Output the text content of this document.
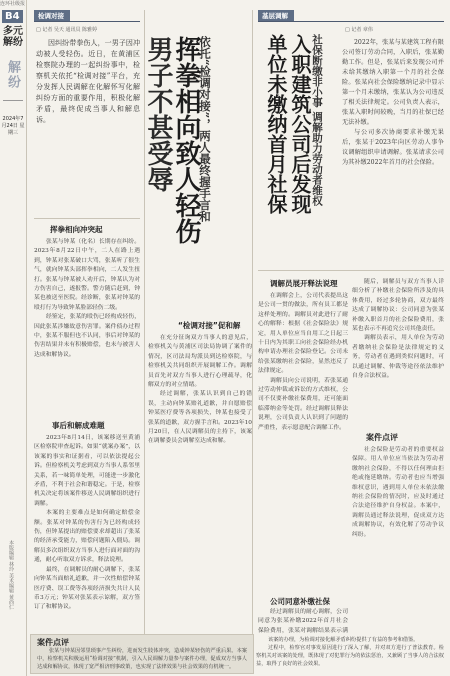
连环社级报
B4
多元解纷
解纷
2024年7月24日 星期三
本版编辑 林玲 美术编辑 黄尚仁
检调对接
□ 记者 吴天 通讯员 陈雅婷

因纠纷带拳伤人，一男子因冲动被人受轻伤。近日，在黄浦区检察院办理的一起纠纷事中，检察机关依托“检调对接”平台，充分发挥人民调解在化解怀写化解纠纷方面的重要作用，积极化解矛盾，最终促成当事人和解息诉。

挥拳相向冲突起

张某与钟某（化名）长期存在纠纷。2023年8月22日中午，二人在路上遇到，钟某对张某破口大骂，张某听了很生气，就向钟某头部挥拳相向，二人发生扭打。张某与钟某被人劝开后，钟某认为对方伤害自己，遂报警。警方随后赶到，钟某也被送至医院。经诊断，张某对钟某的殴打行为导致钟某脸部轻伤二级。

经鉴定，张某的殴伤已经构成轻伤，因此张某涉嫌故意伤害罪。案件侦办过程中，张某不服但也不认同，事后对钟某的伤害结果并未有积极赔偿，也未与被害人达成和解协议。

事后和解成难题

2023年8月14日，该案移送至黄浦区检察院审查起诉。如果“就案办案”，以该案的事实和证据看，可以依法提起公诉。但检察机关考虑到双方当事人系邻里关系，若一味简单处理，可能进一步激化矛盾，不利于社会和谐稳定。于是，检察机关决定将该案件移送人民调解组织进行调解。

本案的主要难点是如何确定赔偿金额。张某对钟某的伤害行为已经构成轻伤，但钟某提出的赔偿要求却超出了张某的经济承受能力，赔偿问题陷入僵局。调解员多次组织双方当事人进行面对面的沟通，耐心听取双方诉求，释法说理。

最终，在调解员的耐心调解下，张某向钟某当面赔礼道歉，并一次性赔偿钟某医疗费、误工费等各项经济损失共计人民币3万元；钟某对张某表示谅解，双方签订了和解协议。

依托“检调对接”，两人最终握手言和
挥拳相向致人轻伤
男子不甚受辱
“检调对接”促和解

在充分征询双方当事人的意见后，检察机关与黄浦区司法局协调了案件的情况，区司法局均派员到达检察院，与检察机关共同组织开展调解工作。调解员首先对双方当事人进行心理疏导，化解双方的对立情绪。

经过调解，张某认识到自己的错误，主动向钟某赔礼道歉，并自愿赔偿钟某医疗费等各项损失，钟某也接受了张某的道歉，双方握手言和。2023年10月20日，在人民调解员的主持下，该案在调解委员会调解室达成和解。

基层调解
□ 记者 章伟
社保断缴非小事 调解助力劳动者维权
入职建筑公司后发现
单位未缴纳首月社保	2022年，张某与某建筑工程有限公司签订劳动合同，入职后，张某勤勤工作。但是，张某后来发现公司并未给其缴纳入职第一个月的社会保险。张某向社会保险缴纳记录中显示第一个月未缴纳，张某认为公司违反了相关法律规定。公司负责人表示，张某入职时间较晚，当月的社保已经无法补缴。

与公司多次协商要求补缴无果后，张某于2023年向区劳动人事争议调解组织申请调解。张某请求公司为其补缴2022年首月的社会保险。

调解员展开释法说理

在调解会上，公司代表提出这是公司一贯的做法，所有员工都是这样处理的。调解员对此进行了耐心的解释：根据《社会保险法》规定，用人单位应当自用工之日起三十日内为其职工向社会保险经办机构申请办理社会保险登记。公司未给张某缴纳社会保险，显然违反了法律规定。

调解员向公司说明，若张某通过劳动仲裁或诉讼的方式维权，公司不仅要补缴社保费用，还可能面临滞纳金等处罚。经过调解员释法说理，公司负责人认识到了问题的严重性，表示愿意配合调解工作。

公司同意补缴社保

经过调解员的耐心调解，公司同意为张某补缴2022年首月社会保险费用，张某对调解结果表示满

随后，调解员与双方当事人详细分析了补缴社会保险所涉及的具体费用，经过多轮协商，双方最终达成了调解协议：公司同意为张某补缴入职首月的社会保险费用，张某也表示不再追究公司其他责任。

调解员表示，用人单位为劳动者缴纳社会保险是法律规定的义务，劳动者在遇到类似问题时，可以通过调解、仲裁等途径依法维护自身合法权益。

案件点评

社会保险是劳动者的重要权益保障。用人单位应当依法为劳动者缴纳社会保险，不得以任何理由拒绝或拖延缴纳。劳动者也应当增强维权意识，遇到用人单位未依法缴纳社会保险的情况时，应及时通过合法途径维护自身权益。本案中，调解员通过释法说理，促成双方达成调解协议，有效化解了劳动争议纠纷。

案件点评

张某与钟某因邻里琐事产生纠纷，进而发生肢体冲突，造成钟某轻伤的严重后果。本案中，检察机关积极运用“检调对接”机制，引入人民调解力量参与案件办理，促成双方当事人达成和解协议，体现了宽严相济刑事政策，也实现了法律效果与社会效果的有机统一。

该案的办理，为检调对接化解矛盾纠纷提供了有益的参考和借鉴。

过程中，检察官对事发原因进行了深入了解，并对双方进行了普法教育。检察机关对该案的处理，既体现了对犯罪行为的依法惩治，又兼顾了当事人的合法权益，取得了良好的社会效果。
